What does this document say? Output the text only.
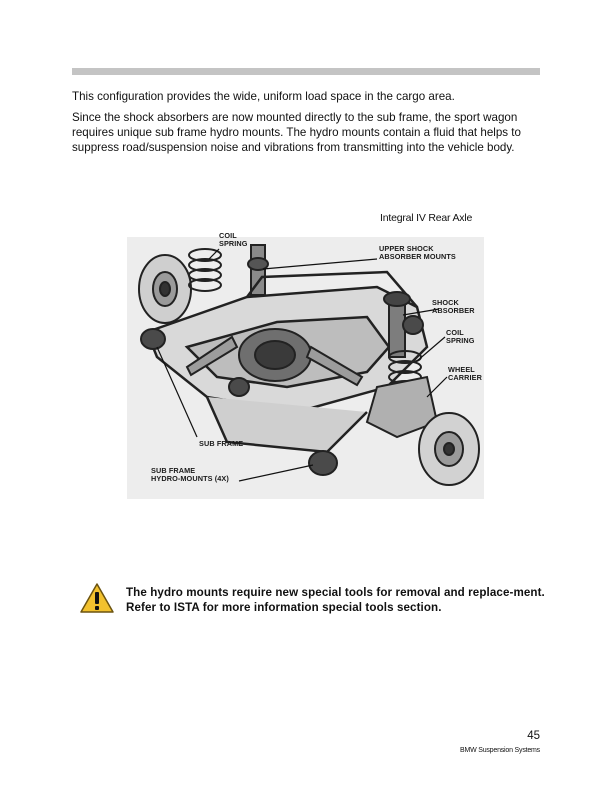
This configuration provides the wide, uniform load space in the cargo area.

Since the shock absorbers are now mounted directly to the sub frame, the sport wagon requires unique sub frame hydro mounts. The hydro mounts contain a fluid that helps to suppress road/suspension noise and vibrations from transmitting into the vehicle body.

Integral IV Rear Axle
COIL
SPRING
UPPER SHOCK
ABSORBER MOUNTS
SHOCK
ABSORBER
COIL
SPRING
WHEEL
CARRIER
SUB FRAME
SUB FRAME
HYDRO-MOUNTS (4X)

The hydro mounts require new special tools for removal and replace-ment. Refer to ISTA for more information special tools section.

45
BMW Suspension Systems
